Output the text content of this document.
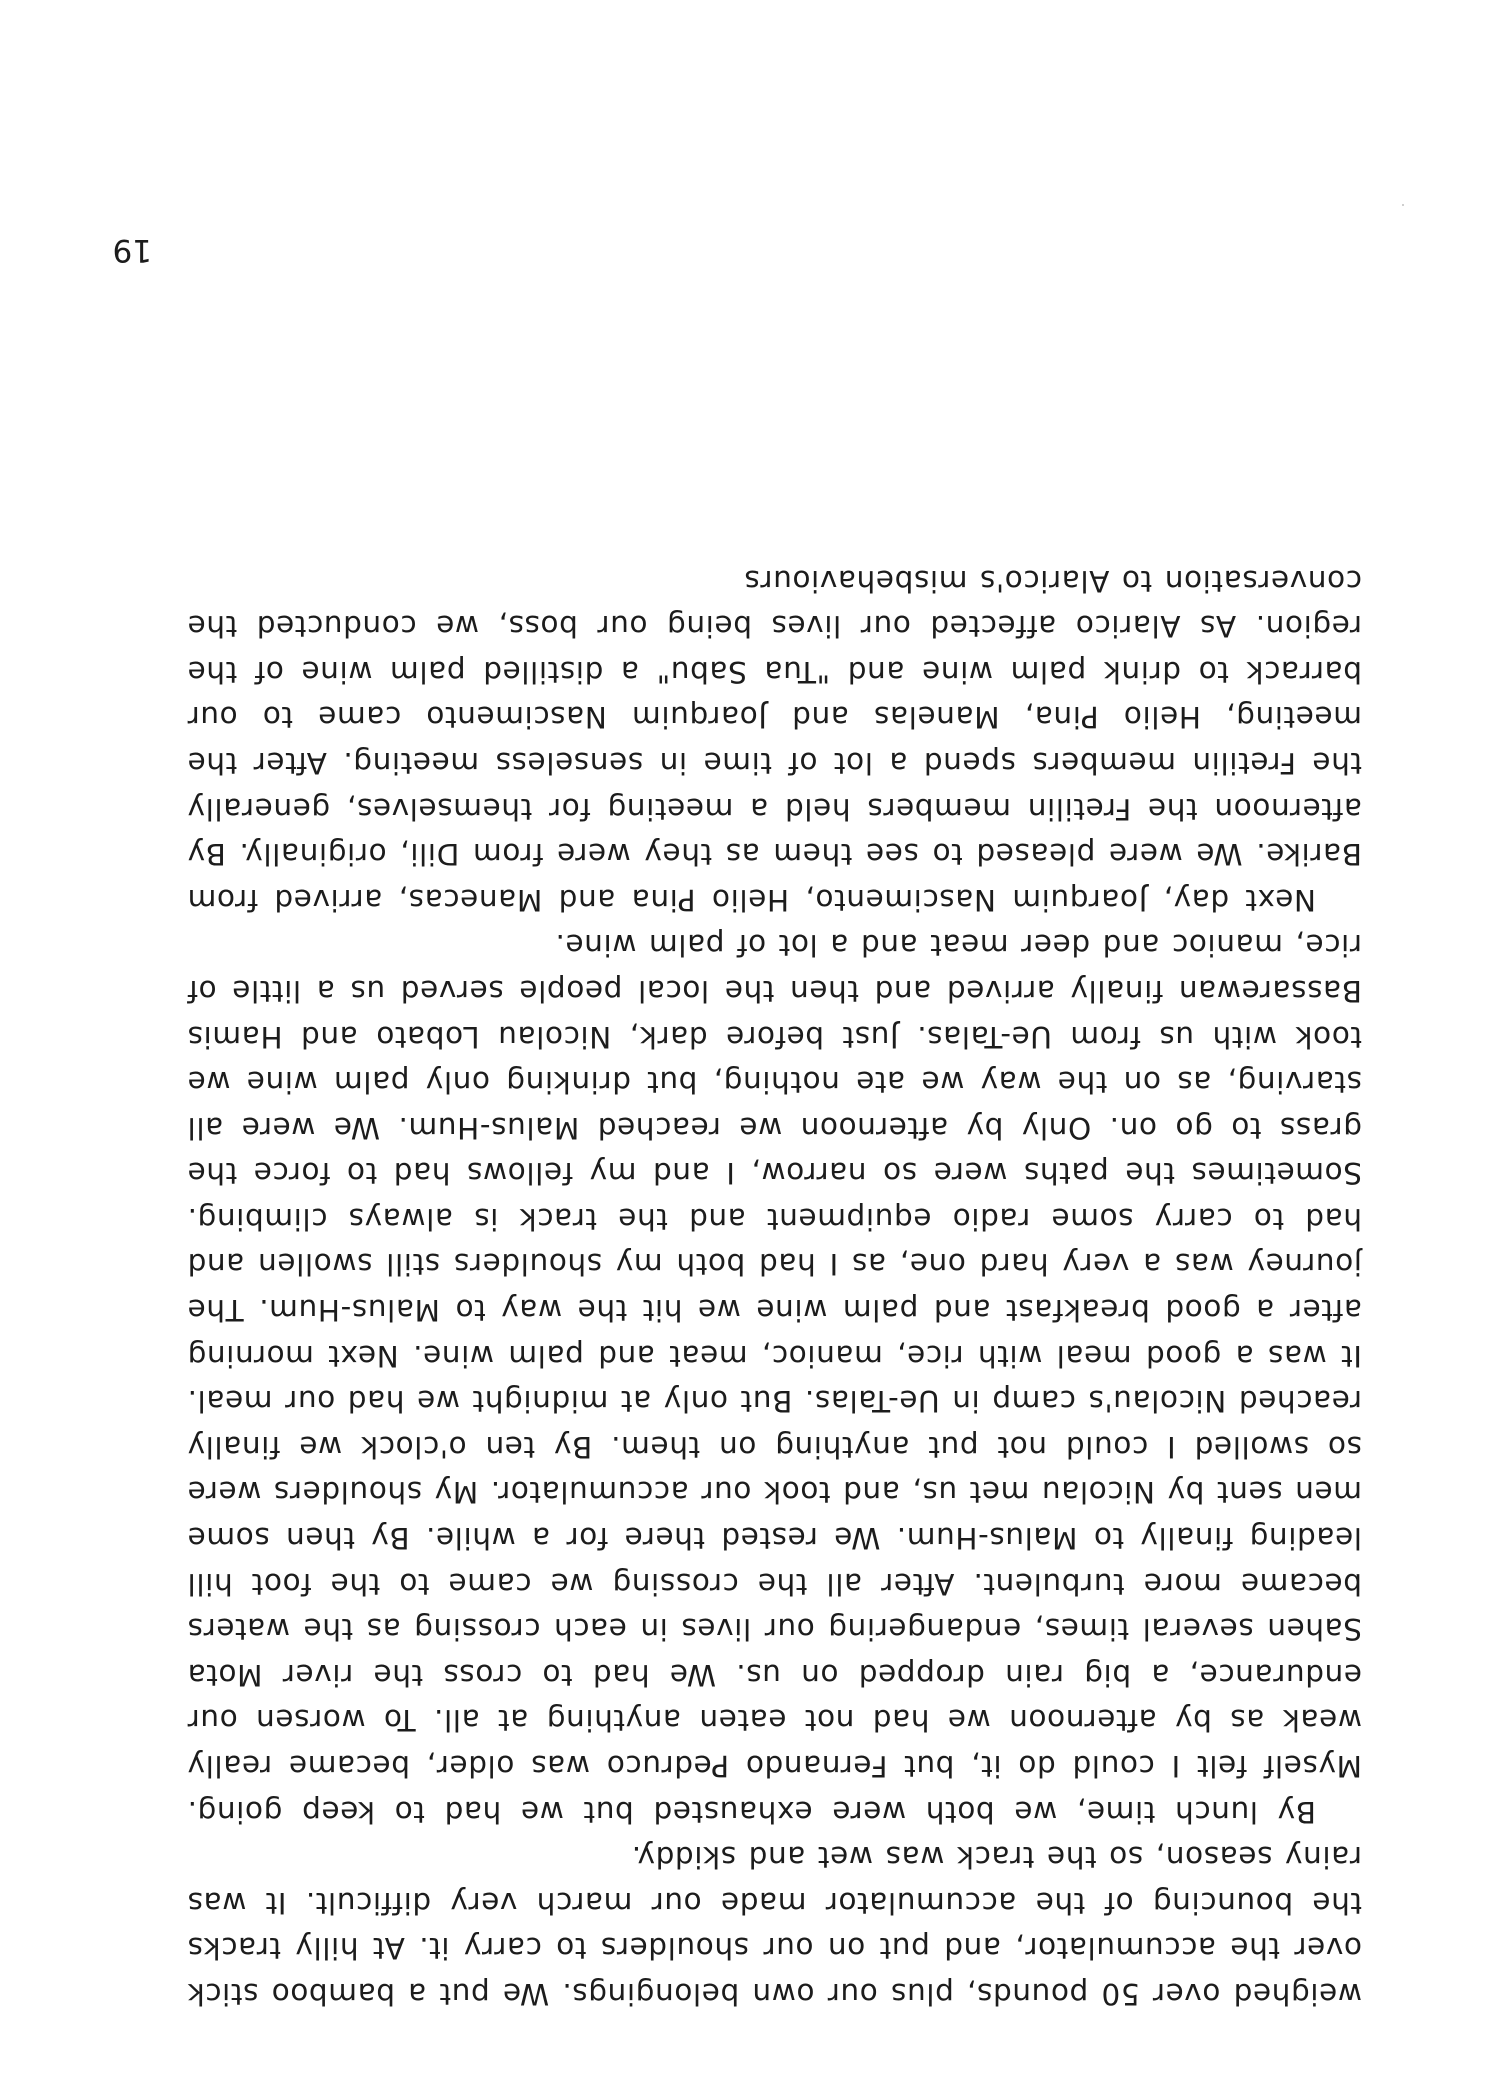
weighed over 50 pounds, plus our own belongings. We put a bamboo stick over the accumulator, and put on our shoulders to carry it. At hilly tracks the bouncing of the accumulator made our march very difficult. It was rainy season, so the track was wet and skiddy.

By lunch time, we both were exhausted but we had to keep going. Myself felt I could do it, but Fernando Pedruco was older, became really weak as by afternoon we had not eaten anything at all. To worsen our endurance, a big rain dropped on us. We had to cross the river Mota Sahen several times, endangering our lives in each crossing as the waters became more turbulent. After all the crossing we came to the foot hill leading finally to Malus-Hum. We rested there for a while. By then some men sent by Nicolau met us, and took our accumulator. My shoulders were so swolled I could not put anything on them. By ten o'clock we finally reached Nicolau's camp in Ue-Talas. But only at midnight we had our meal. It was a good meal with rice, manioc, meat and palm wine. Next morning after a good breakfast and palm wine we hit the way to Malus-Hum. The journey was a very hard one, as I had both my shoulders still swollen and had to carry some radio equipment and the track is always climbing. Sometimes the paths were so narrow, I and my fellows had to force the grass to go on. Only by afternoon we reached Malus-Hum. We were all starving, as on the way we ate nothing, but drinking only palm wine we took with us from Ue-Talas. Just before dark, Nicolau Lobato and Hamis Bassarewan finally arrived and then the local people served us a little of rice, manioc and deer meat and a lot of palm wine.

Next day, Joarquim Nascimento, Helio Pina and Manecas, arrived from Barike. We were pleased to see them as they were from Dili, originally. By afternoon the Fretilin members held a meeting for themselves, generally the Fretilin members spend a lot of time in senseless meeting. After the meeting, Helio Pina, Manelas and Joarquim Nascimento came to our barrack to drink palm wine and "Tua Sabu" a distilled palm wine of the region. As Alarico affected our lives being our boss, we conducted the conversation to Alarico's misbehaviours

19
